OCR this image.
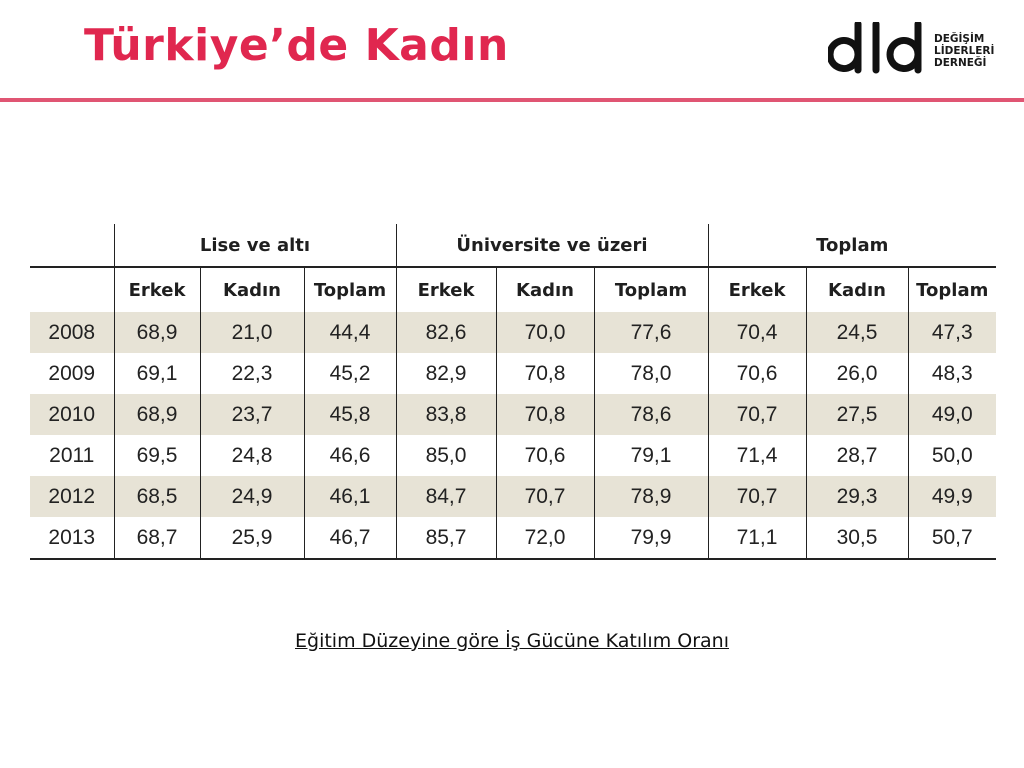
Türkiye’de Kadın	DEĞİŞİM
LİDERLERİ
DERNEĞİ
	Lise ve altı			Üniversite ve üzeri			Toplam		
	Erkek	Kadın	Toplam	Erkek	Kadın	Toplam	Erkek	Kadın	Toplam
2008	68,9	21,0	44,4	82,6	70,0	77,6	70,4	24,5	47,3
2009	69,1	22,3	45,2	82,9	70,8	78,0	70,6	26,0	48,3
2010	68,9	23,7	45,8	83,8	70,8	78,6	70,7	27,5	49,0
2011	69,5	24,8	46,6	85,0	70,6	79,1	71,4	28,7	50,0
2012	68,5	24,9	46,1	84,7	70,7	78,9	70,7	29,3	49,9
2013	68,7	25,9	46,7	85,7	72,0	79,9	71,1	30,5	50,7
Eğitim Düzeyine göre İş Gücüne Katılım Oranı
